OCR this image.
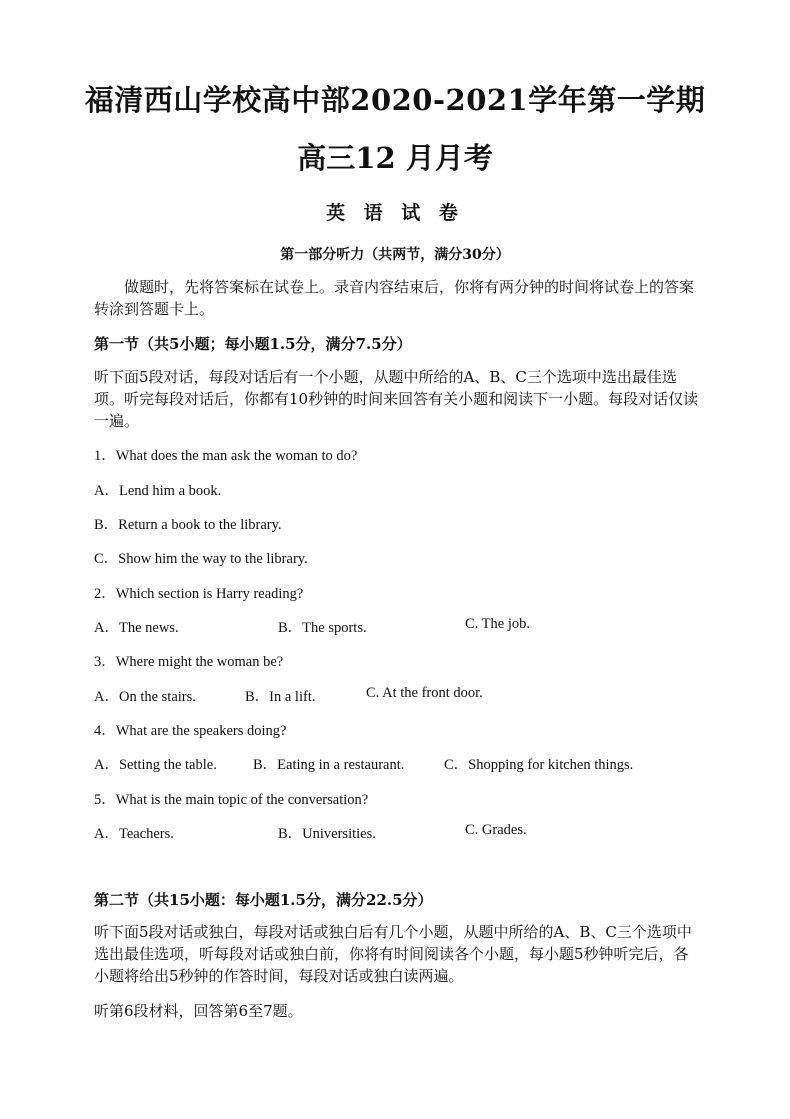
福清西山学校高中部2020-2021学年第一学期
高三12 月月考
英 语 试 卷
第一部分听力（共两节，满分30分）
做题时，先将答案标在试卷上。录音内容结束后，你将有两分钟的时间将试卷上的答案转涂到答题卡上。
第一节（共5小题；每小题1.5分，满分7.5分）
听下面5段对话，每段对话后有一个小题，从题中所给的A、B、C三个选项中选出最佳选项。听完每段对话后，你都有10秒钟的时间来回答有关小题和阅读下一小题。每段对话仅读一遍。
1．What does the man ask the woman to do?
A．Lend him a book.
B．Return a book to the library.
C．Show him the way to the library.
2．Which section is Harry reading?
A．The news.	B．The sports.	C. The job.
3．Where might the woman be?
A．On the stairs.	B．In a lift.	C. At the front door.
4．What are the speakers doing?
A．Setting the table. B．Eating in a restaurant.	C．Shopping for kitchen things.
5．What is the main topic of the conversation?
A．Teachers.	B．Universities.	C. Grades.
第二节（共15小题：每小题1.5分，满分22.5分）
听下面5段对话或独白，每段对话或独白后有几个小题，从题中所给的A、B、C三个选项中选出最佳选项，听每段对话或独白前，你将有时间阅读各个小题，每小题5秒钟听完后，各小题将给出5秒钟的作答时间，每段对话或独白读两遍。
听第6段材料，回答第6至7题。
